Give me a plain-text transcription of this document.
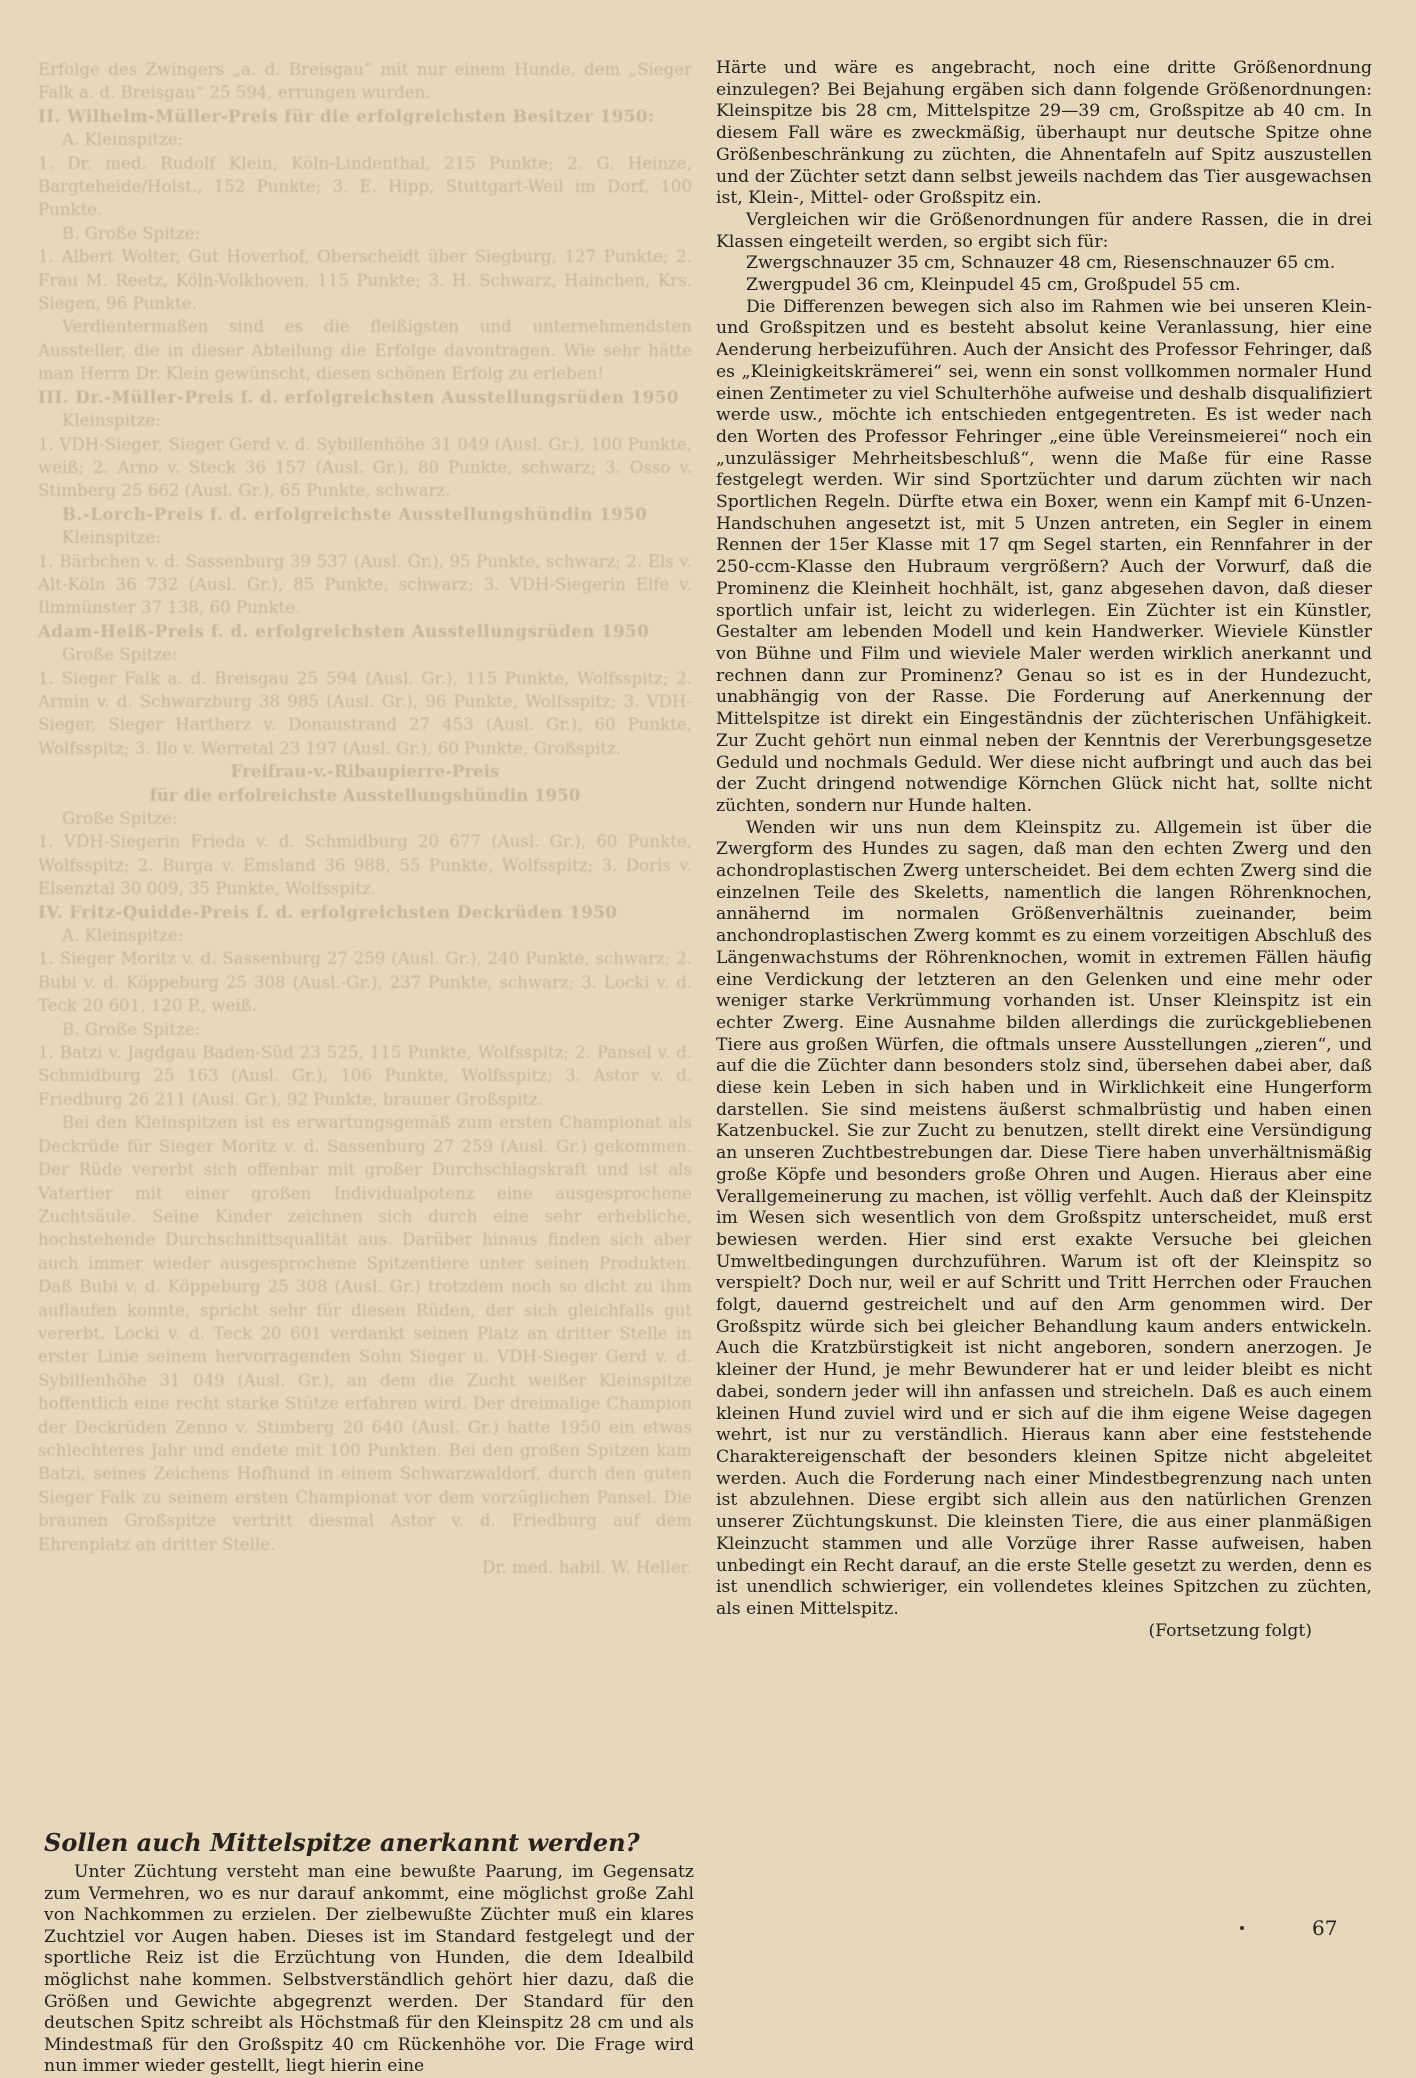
Erfolge des Zwingers „a. d. Breisgau“ mit nur einem Hunde, dem „Sieger Falk a. d. Breisgau“ 25 594, errungen wurden.

II. Wilhelm-Müller-Preis für die erfolgreichsten Besitzer 1950:

A. Kleinspitze:

1. Dr. med. Rudolf Klein, Köln-Lindenthal, 215 Punkte; 2. G. Heinze, Bargteheide/Holst., 152 Punkte; 3. E. Hipp, Stuttgart-Weil im Dorf, 100 Punkte.

B. Große Spitze:

1. Albert Wolter, Gut Hoverhof, Oberscheidt über Siegburg, 127 Punkte; 2. Frau M. Reetz, Köln-Volkhoven, 115 Punkte; 3. H. Schwarz, Hainchen, Krs. Siegen, 96 Punkte.

Verdientermaßen sind es die fleißigsten und unternehmendsten Aussteller, die in dieser Abteilung die Erfolge davontragen. Wie sehr hätte man Herrn Dr. Klein gewünscht, diesen schönen Erfolg zu erleben!

III. Dr.-Müller-Preis f. d. erfolgreichsten Ausstellungsrüden 1950

Kleinspitze:

1. VDH-Sieger, Sieger Gerd v. d. Sybillenhöhe 31 049 (Ausl. Gr.), 100 Punkte, weiß; 2. Arno v. Steck 36 157 (Ausl. Gr.), 80 Punkte, schwarz; 3. Osso v. Stimberg 25 662 (Ausl. Gr.), 65 Punkte, schwarz.

B.-Lorch-Preis f. d. erfolgreichste Ausstellungshündin 1950

Kleinspitze:

1. Bärbchen v. d. Sassenburg 39 537 (Ausl. Gr.), 95 Punkte, schwarz; 2. Els v. Alt-Köln 36 732 (Ausl. Gr.), 85 Punkte, schwarz; 3. VDH-Siegerin Elfe v. Ilmmünster 37 138, 60 Punkte.

Adam-Heiß-Preis f. d. erfolgreichsten Ausstellungsrüden 1950

Große Spitze:

1. Sieger Falk a. d. Breisgau 25 594 (Ausl. Gr.), 115 Punkte, Wolfsspitz; 2. Armin v. d. Schwarzburg 38 985 (Ausl. Gr.), 96 Punkte, Wolfsspitz; 3. VDH-Sieger, Sieger Hartherz v. Donaustrand 27 453 (Ausl. Gr.), 60 Punkte, Wolfsspitz; 3. Ilo v. Werretal 23 197 (Ausl. Gr.), 60 Punkte, Großspitz.

Freifrau-v.-Ribaupierre-Preis

für die erfolreichste Ausstellungshündin 1950

Große Spitze:

1. VDH-Siegerin Frieda v. d. Schmidburg 20 677 (Ausl. Gr.), 60 Punkte, Wolfsspitz; 2. Burga v. Emsland 36 988, 55 Punkte, Wolfsspitz; 3. Doris v. Elsenztal 30 009, 35 Punkte, Wolfsspitz.

IV. Fritz-Quidde-Preis f. d. erfolgreichsten Deckrüden 1950

A. Kleinspitze:

1. Sieger Moritz v. d. Sassenburg 27 259 (Ausl. Gr.), 240 Punkte, schwarz; 2. Bubi v. d. Köppeburg 25 308 (Ausl.-Gr.), 237 Punkte, schwarz; 3. Locki v. d. Teck 20 601, 120 P., weiß.

B. Große Spitze:

1. Batzi v. Jagdgau Baden-Süd 23 525, 115 Punkte, Wolfsspitz; 2. Pansel v. d. Schmidburg 25 163 (Ausl. Gr.), 106 Punkte, Wolfsspitz; 3. Astor v. d. Friedburg 26 211 (Ausl. Gr.), 92 Punkte, brauner Großspitz.

Bei den Kleinspitzen ist es erwartungsgemäß zum ersten Championat als Deckrüde für Sieger Moritz v. d. Sassenburg 27 259 (Ausl. Gr.) gekommen. Der Rüde vererbt sich offenbar mit großer Durchschlagskraft und ist als Vatertier mit einer großen Individualpotenz eine ausgesprochene Zuchtsäule. Seine Kinder zeichnen sich durch eine sehr erhebliche, hochstehende Durchschnittsqualität aus. Darüber hinaus finden sich aber auch immer wieder ausgesprochene Spitzentiere unter seinen Produkten. Daß Bubi v. d. Köppeburg 25 308 (Ausl. Gr.) trotzdem noch so dicht zu ihm auflaufen konnte, spricht sehr für diesen Rüden, der sich gleichfalls gut vererbt. Locki v. d. Teck 20 601 verdankt seinen Platz an dritter Stelle in erster Linie seinem hervorragenden Sohn Sieger u. VDH-Sieger Gerd v. d. Sybillenhöhe 31 049 (Ausl. Gr.), an dem die Zucht weißer Kleinspitze hoffentlich eine recht starke Stütze erfahren wird. Der dreimalige Champion der Deckrüden Zenno v. Stimberg 20 640 (Ausl. Gr.) hatte 1950 ein etwas schlechteres Jahr und endete mit 100 Punkten. Bei den großen Spitzen kam Batzi, seines Zeichens Hofhund in einem Schwarzwaldorf, durch den guten Sieger Falk zu seinem ersten Championat vor dem vorzüglichen Pansel. Die braunen Großspitze vertritt diesmal Astor v. d. Friedburg auf dem Ehrenplatz an dritter Stelle.

Dr. med. habil. W. Heller.

Sollen auch Mittelspitze anerkannt werden?

Unter Züchtung versteht man eine bewußte Paarung, im Gegensatz zum Vermehren, wo es nur darauf ankommt, eine möglichst große Zahl von Nachkommen zu erzielen. Der zielbewußte Züchter muß ein klares Zuchtziel vor Augen haben. Dieses ist im Standard festgelegt und der sportliche Reiz ist die Erzüchtung von Hunden, die dem Idealbild möglichst nahe kommen. Selbstverständlich gehört hier dazu, daß die Größen und Gewichte abgegrenzt werden. Der Standard für den deutschen Spitz schreibt als Höchstmaß für den Kleinspitz 28 cm und als Mindestmaß für den Großspitz 40 cm Rückenhöhe vor. Die Frage wird nun immer wieder gestellt, liegt hierin eine

Härte und wäre es angebracht, noch eine dritte Größenordnung einzulegen? Bei Bejahung ergäben sich dann folgende Größenordnungen: Kleinspitze bis 28 cm, Mittelspitze 29—39 cm, Großspitze ab 40 cm. In diesem Fall wäre es zweckmäßig, überhaupt nur deutsche Spitze ohne Größenbeschränkung zu züchten, die Ahnentafeln auf Spitz auszustellen und der Züchter setzt dann selbst jeweils nachdem das Tier ausgewachsen ist, Klein-, Mittel- oder Großspitz ein.

Vergleichen wir die Größenordnungen für andere Rassen, die in drei Klassen eingeteilt werden, so ergibt sich für:

Zwergschnauzer 35 cm, Schnauzer 48 cm, Riesenschnauzer 65 cm.

Zwergpudel 36 cm, Kleinpudel 45 cm, Großpudel 55 cm.

Die Differenzen bewegen sich also im Rahmen wie bei unseren Klein- und Großspitzen und es besteht absolut keine Veranlassung, hier eine Aenderung herbeizuführen. Auch der Ansicht des Professor Fehringer, daß es „Kleinigkeitskrämerei“ sei, wenn ein sonst vollkommen normaler Hund einen Zentimeter zu viel Schulterhöhe aufweise und deshalb disqualifiziert werde usw., möchte ich entschieden entgegentreten. Es ist weder nach den Worten des Professor Fehringer „eine üble Vereinsmeierei“ noch ein „unzulässiger Mehrheitsbeschluß“, wenn die Maße für eine Rasse festgelegt werden. Wir sind Sportzüchter und darum züchten wir nach Sportlichen Regeln. Dürfte etwa ein Boxer, wenn ein Kampf mit 6-Unzen-Handschuhen angesetzt ist, mit 5 Unzen antreten, ein Segler in einem Rennen der 15er Klasse mit 17 qm Segel starten, ein Rennfahrer in der 250-ccm-Klasse den Hubraum vergrößern? Auch der Vorwurf, daß die Prominenz die Kleinheit hochhält, ist, ganz abgesehen davon, daß dieser sportlich unfair ist, leicht zu widerlegen. Ein Züchter ist ein Künstler, Gestalter am lebenden Modell und kein Handwerker. Wieviele Künstler von Bühne und Film und wieviele Maler werden wirklich anerkannt und rechnen dann zur Prominenz? Genau so ist es in der Hundezucht, unabhängig von der Rasse. Die Forderung auf Anerkennung der Mittelspitze ist direkt ein Eingeständnis der züchterischen Unfähigkeit. Zur Zucht gehört nun einmal neben der Kenntnis der Vererbungsgesetze Geduld und nochmals Geduld. Wer diese nicht aufbringt und auch das bei der Zucht dringend notwendige Körnchen Glück nicht hat, sollte nicht züchten, sondern nur Hunde halten.

Wenden wir uns nun dem Kleinspitz zu. Allgemein ist über die Zwergform des Hundes zu sagen, daß man den echten Zwerg und den achondroplastischen Zwerg unterscheidet. Bei dem echten Zwerg sind die einzelnen Teile des Skeletts, namentlich die langen Röhrenknochen, annähernd im normalen Größenverhältnis zueinander, beim anchondroplastischen Zwerg kommt es zu einem vorzeitigen Abschluß des Längenwachstums der Röhrenknochen, womit in extremen Fällen häufig eine Verdickung der letzteren an den Gelenken und eine mehr oder weniger starke Verkrümmung vorhanden ist. Unser Kleinspitz ist ein echter Zwerg. Eine Ausnahme bilden allerdings die zurückgebliebenen Tiere aus großen Würfen, die oftmals unsere Ausstellungen „zieren“, und auf die die Züchter dann besonders stolz sind, übersehen dabei aber, daß diese kein Leben in sich haben und in Wirklichkeit eine Hungerform darstellen. Sie sind meistens äußerst schmalbrüstig und haben einen Katzenbuckel. Sie zur Zucht zu benutzen, stellt direkt eine Versündigung an unseren Zuchtbestrebungen dar. Diese Tiere haben unverhältnismäßig große Köpfe und besonders große Ohren und Augen. Hieraus aber eine Verallgemeinerung zu machen, ist völlig verfehlt. Auch daß der Kleinspitz im Wesen sich wesentlich von dem Großspitz unterscheidet, muß erst bewiesen werden. Hier sind erst exakte Versuche bei gleichen Umweltbedingungen durchzuführen. Warum ist oft der Kleinspitz so verspielt? Doch nur, weil er auf Schritt und Tritt Herrchen oder Frauchen folgt, dauernd gestreichelt und auf den Arm genommen wird. Der Großspitz würde sich bei gleicher Behandlung kaum anders entwickeln. Auch die Kratzbürstigkeit ist nicht angeboren, sondern anerzogen. Je kleiner der Hund, je mehr Bewunderer hat er und leider bleibt es nicht dabei, sondern jeder will ihn anfassen und streicheln. Daß es auch einem kleinen Hund zuviel wird und er sich auf die ihm eigene Weise dagegen wehrt, ist nur zu verständlich. Hieraus kann aber eine feststehende Charaktereigenschaft der besonders kleinen Spitze nicht abgeleitet werden. Auch die Forderung nach einer Mindestbegrenzung nach unten ist abzulehnen. Diese ergibt sich allein aus den natürlichen Grenzen unserer Züchtungskunst. Die kleinsten Tiere, die aus einer planmäßigen Kleinzucht stammen und alle Vorzüge ihrer Rasse aufweisen, haben unbedingt ein Recht darauf, an die erste Stelle gesetzt zu werden, denn es ist unendlich schwieriger, ein vollendetes kleines Spitzchen zu züchten, als einen Mittelspitz.

(Fortsetzung folgt)

67
